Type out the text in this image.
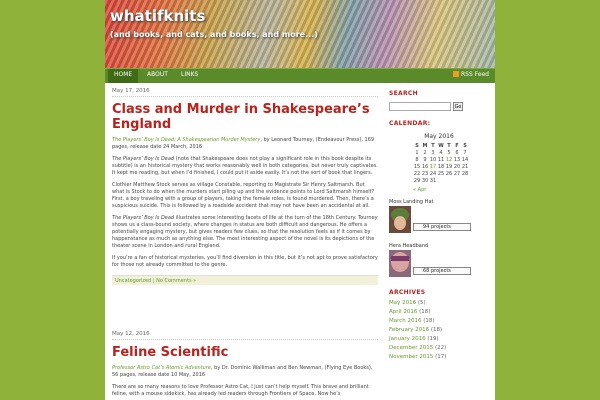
whatifknits
(and books, and cats, and books, and more...)
HOME	ABOUT LINKS	RSS Feed
May 17, 2016
Class and Murder in Shakespeare’s England

The Players’ Boy Is Dead: A Shakespearian Murder Mystery, by Leonard Tourney, (Endeavour Press), 169 pages, release date 24 March, 2016

The Players’ Boy Is Dead (note that Shakespeare does not play a significant role in this book despite its subtitle) is an historical mystery that works reasonably well in both categories, but never truly captivates. It kept me reading, but when I’d finished, I could put it aside easily. It’s not the sort of book that lingers.

Clothier Matthew Stock serves as village Constable, reporting to Magistrate Sir Henry Saltmarsh. But what is Stock to do when the murders start piling up and the evidence points to Lord Saltmarsh himself? First, a boy traveling with a group of players, taking the female roles, is found murdered. Then, there’s a suspicious suicide. This is followed by a roadside accident that may not have been an accidental at all.

The Players’ Boy Is Dead illustrates some interesting facets of life at the turn of the 18th Century. Tourney shows us a class-bound society, where changes in status are both difficult and dangerous. He offers a potentially engaging mystery, but gives readers few clues, so that the resolution feels as if it comes by happenstance as much as anything else. The most interesting aspect of the novel is its depictions of the theater scene in London and rural England.

If you’re a fan of historical mysteries, you’ll find diversion in this title, but it’s not apt to prove satisfactory for those not already committed to the genre.

Uncategorized | No Comments »
May 12, 2016
Feline Scientific

Professor Astro Cat’s Atomic Adventure, by Dr. Dominic Walliman and Ben Newman, (Flying Eye Books), 56 pages, release date 10 May, 2016

There are so many reasons to love Professor Astro Cat, I just can’t help myself. This brave and brilliant feline, with a mouse sidekick, has already led readers through Frontiers of Space. Now he’s

SEARCH
Go
CALENDAR:
May 2016
S	M	T	W	T	F	S
1	2	3	4	5	6	7
8	9	10	11	12	13	14
15	16	17	18	19	20	21
22	23	24	25	26	27	28
29	30	31				
« Apr
Moss Landing Hat
94 projects
Hera Headband
68 projects
ARCHIVES
May 2016 (5)
April 2016 (18)
March 2016 (18)
February 2016 (18)
January 2016 (19)
December 2015 (22)
November 2015 (17)
